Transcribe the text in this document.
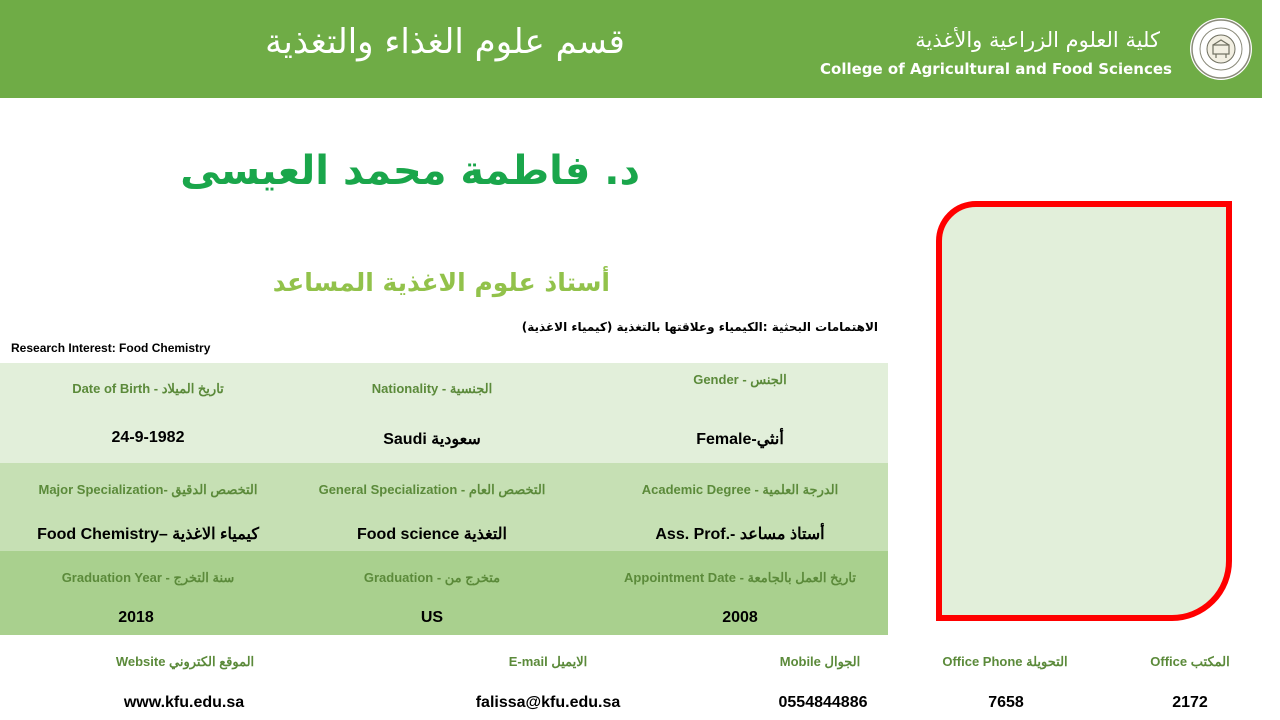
قسم علوم الغذاء والتغذية	كلية العلوم الزراعية والأغذية
College of Agricultural and Food Sciences
د. فاطمة محمد العيسى
أستاذ علوم الاغذية المساعد
الاهتمامات البحثية :الكيمياء وعلاقتها بالتغذية (كيمياء الاغذية)
Research Interest: Food Chemistry
Date of Birth - تاريخ الميلاد
24-9-1982
Nationality - الجنسية
Saudi سعودية
Gender - الجنس
Female-أنثي
Major Specialization- التخصص الدقيق
Food Chemistry– كيمياء الاغذية
General Specialization - التخصص العام
Food science التغذية
Academic Degree - الدرجة العلمية
Ass. Prof.- أستاذ مساعد
Graduation Year - سنة التخرج
2018
Graduation - متخرج من
US
Appointment Date - تاريخ العمل بالجامعة
2008
Website الموقع الكتروني
www.kfu.edu.sa
E-mail الايميل
falissa@kfu.edu.sa
Mobile الجوال
0554844886
Office Phone التحويلة
7658
Office المكتب
2172
